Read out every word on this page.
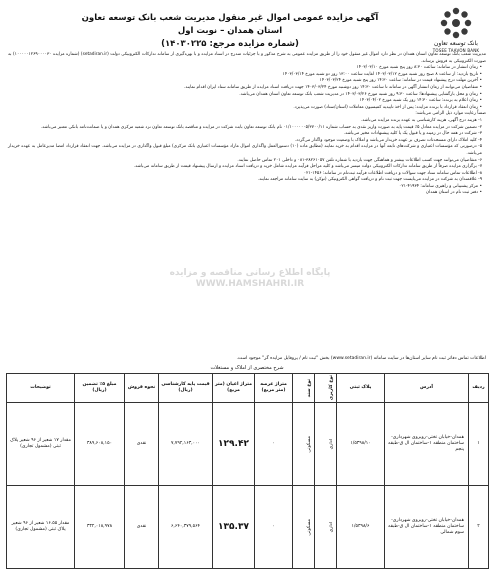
بانک توسعه تعاون
TOSEE TAAVON BANK
آگهی مزایده عمومی اموال غیر منقول مدیریت شعب بانک توسعه تعاون استان همدان – نوبت اول
(شماره مزایده مرجع: ۱۴۰۳۰۲۲۵)

مدیریت شعب بانک توسعه تعاون استان همدان در نظر دارد اموال غیر منقول خود را از طریق مزایده عمومی به شرح مذکور و با جزئیات مندرج در اسناد مزایده و با بهره‌گیری از سامانه تدارکات الکترونیکی دولت (setadiran.ir) (شماره مزایده ۱۰۰۰۰۰۱۲۶۹۰۰۰۰۳۰) به صورت الکترونیکی به فروش برساند.

• زمان انتشار در سامانه: ساعت ۸:۳۰ روز پنج شنبه مورخ ۱۴۰۳/۰۳/۱۰
• تاریخ بازدید: از ساعت ۸ صبح روز شنبه مورخ ۱۴۰۳/۰۳/۱۲ لغایت ساعت ۱۳:۰۰ روز دو شنبه مورخ ۱۴۰۳/۰۳/۱۴
• آخرین مهلت درج پیشنهاد قیمت در سامانه: ساعت ۱۴:۳۰ روز پنج شنبه مورخ ۱۴۰۳/۰۳/۲۴
• متقاضیان می‌توانند از زمان انتشار آگهی در سامانه تا ساعت ۱۴:۳۰ روز دوشنبه مورخ ۱۴۰۳/۰۳/۲۴ جهت دریافت اسناد مزایده از طریق سامانه ستاد ایران اقدام نمایند.
• زمان و محل بازگشایی پیشنهادها: ساعت ۹:۳۰ روز شنبه مورخ ۱۴۰۳/۰۳/۲۶ در مدیریت شعب بانک توسعه تعاون استان همدان می‌باشد.
• زمان اعلام به برنده: ساعت ۱۴:۳۰ روز یک شنبه مورخ ۱۴۰۳/۰۴/۰۲
• زمان انعقاد قرارداد با برنده مزایده: پس از اخذ تاییدیه کمیسیون معاملات (استان/ستاد) صورت می‌پذیرد.

ضمناً رعایت موارد ذیل الزامی می‌باشد:

۱- هزینه درج آگهی، هزینه کارشناسی به عهده برنده مزایده می‌باشد.
۲- تضمین شرکت در مزایده معادل ۵٪ قیمت پایه به صورت واریز نقدی به حساب شماره ۰۱/۱۰۰۰۰۰۰۵/۳۷۰۰/۱۱ نام بانک توسعه تعاون بابت شرکت در مزایده و مناقصه بانک توسعه تعاون نزد شعبه مرکزی همدان و یا ضمانت‌نامه بانکی معتبر می‌باشد.
۳- شرکت در همه حال در زمینه و یا قبول یک یا کلیه پیشنهادات مخیر می‌باشد.
۴- کلیه املاک دارای مستحدثات تصرف بر عهده خریدار می‌باشد و املاک با وضعیت موجود واگذار می‌گردد.
۵- درصورتی که مؤسسات اعتباری و شرکت‌های تابعه آنها در مزایده اقدام به خرید نمایند (مطابق ماده (۱۰) دستورالعمل واگذاری اموال مازاد مؤسسات اعتباری بانک مرکزی) مبلغ قبول واگذاری در مزایده می‌باشد. جهت انعقاد قرارداد امضا مدیرعامل به عهده خریدار می‌باشد.
۶- متقاضیان می‌توانند جهت کسب اطلاعات بیشتر و هماهنگی جهت بازدید با شماره تلفن ۳۸۲۶۱۰۵۷-۰۸۱ و داخلی ۲۰۱ تماس حاصل نمایند.
۷- برگزاری مزایده صرفاً از طریق سامانه تدارکات الکترونیکی دولت میسر می‌باشد و کلیه مراحل فرآیند مزایده شامل خرید و دریافت اسناد مزایده و ارسال پیشنهاد قیمت از طریق سامانه می‌باشد.
۸- اطلاعات تماس سامانه ستاد جهت سوالات و دریافت اطلاعات فرآیند ثبت‌نام در سامانه: ۱۴۵۶-۰۲۱
۹- علاقمندان به شرکت در مزایده می‌بایست جهت ثبت نام و دریافت گواهی الکترونیکی (توکن) به سایت سامانه مراجعه نمایند.
• مرکز پشتیبانی و راهبری سامانه: ۴۱۹۳۴-۰۲۱
• دفتر ثبت نام در استان همدان
پایگاه اطلاع رسانی مناقصه و مزایده
WWW.HAMSHAHRI.IR
اطلاعات تماس دفاتر ثبت نام سایر استان‌ها در سایت سامانه (www.setadiran.ir) بخش "ثبت نام / پروفایل مزایده گر" موجود است.
شرح مختصری از املاک و مستغلات
ردیف	آدرس	پلاک ثبتی	نوع کاربری	نوع سند	متراژ عرصه (متر مربع)	متراژ اعیان (متر مربع)	قیمت پایه کارشناسی (ریال)	نحوه فروش	مبلغ ۵٪ تضمین (ریال)	توضیحات
۱	همدان-خیابان تختی-روبروی شهرداری-ساختمان منطقه ۱-ساختمان ال ق-طبقه پنجم	۱/۵۳۹۸/۱۰	اداری	مسکونی	۰	۱۲۹.۴۲	۷,۷۹۲,۱۶۳,۰۰۰	نقدی	۳۸۹,۶۰۸,۱۵۰	مقدار ۱۷ شعیر از ۹۶ شعیر پلاک ثبتی (مشمول تجاری)
۲	همدان-خیابان تختی-روبروی شهرداری-ساختمان منطقه ۱-ساختمان ال ق-طبقه سوم شمالی	۱/۵۳۹۸/۶	اداری	مسکونی	۰	۱۳۵.۳۷	۶,۶۴۰,۳۷۹,۵۶۴	نقدی	۳۳۲,۰۱۸,۹۷۸	مقدار ۱۶.۵۵ شعیر از ۹۶ شعیر پلاک ثبتی (مشمول تجاری)
